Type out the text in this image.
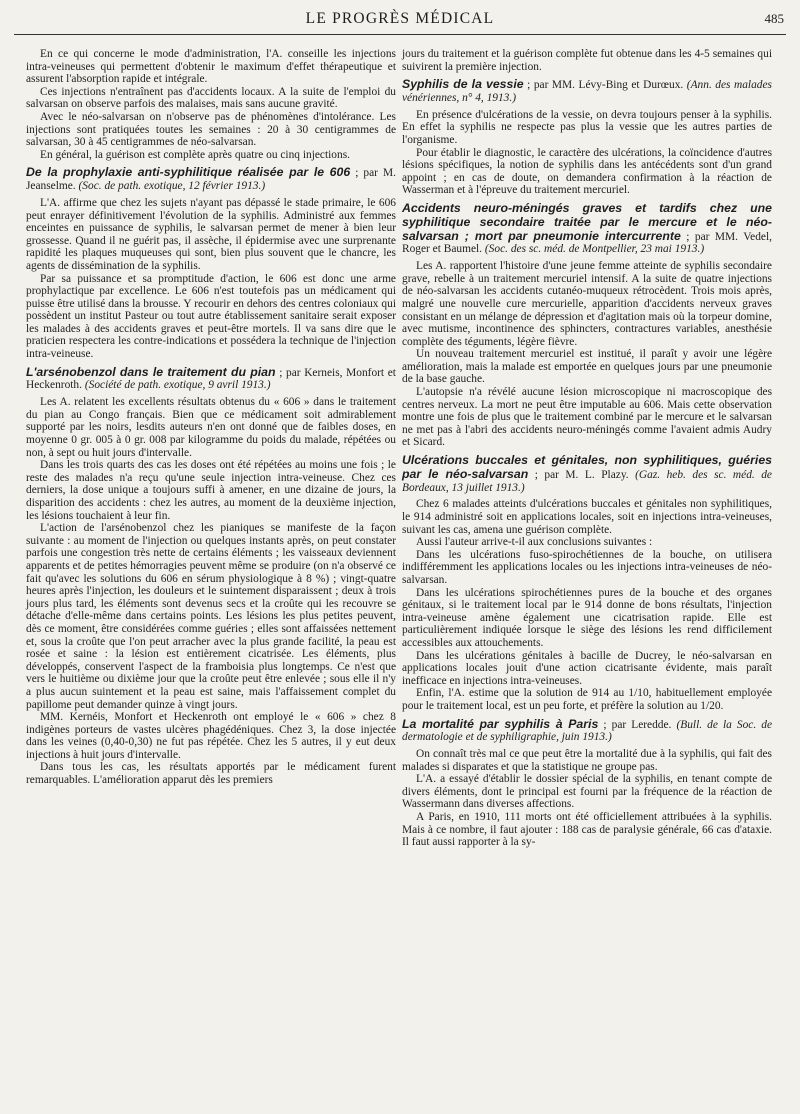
LE PROGRÈS MÉDICAL	485

En ce qui concerne le mode d'administration, l'A. conseille les injections intra-veineuses qui permettent d'obtenir le maximum d'effet thérapeutique et assurent l'absorption rapide et intégrale.

Ces injections n'entraînent pas d'accidents locaux. A la suite de l'emploi du salvarsan on observe parfois des malaises, mais sans aucune gravité.

Avec le néo-salvarsan on n'observe pas de phénomènes d'intolérance. Les injections sont pratiquées toutes les semaines : 20 à 30 centigrammes de salvarsan, 30 à 45 centigrammes de néo-salvarsan.

En général, la guérison est complète après quatre ou cinq injections.

De la prophylaxie anti-syphilitique réalisée par le 606 ; par M. Jeanselme. (Soc. de path. exotique, 12 février 1913.)

L'A. affirme que chez les sujets n'ayant pas dépassé le stade primaire, le 606 peut enrayer définitivement l'évolution de la syphilis. Administré aux femmes enceintes en puissance de syphilis, le salvarsan permet de mener à bien leur grossesse. Quand il ne guérit pas, il assèche, il épidermise avec une surprenante rapidité les plaques muqueuses qui sont, bien plus souvent que le chancre, les agents de dissémination de la syphilis.

Par sa puissance et sa promptitude d'action, le 606 est donc une arme prophylactique par excellence. Le 606 n'est toutefois pas un médicament qui puisse être utilisé dans la brousse. Y recourir en dehors des centres coloniaux qui possèdent un institut Pasteur ou tout autre établissement sanitaire serait exposer les malades à des accidents graves et peut-être mortels. Il va sans dire que le praticien respectera les contre-indications et possédera la technique de l'injection intra-veineuse.

L'arsénobenzol dans le traitement du pian ; par Kerneis, Monfort et Heckenroth. (Société de path. exotique, 9 avril 1913.)

Les A. relatent les excellents résultats obtenus du « 606 » dans le traitement du pian au Congo français. Bien que ce médicament soit admirablement supporté par les noirs, lesdits auteurs n'en ont donné que de faibles doses, en moyenne 0 gr. 005 à 0 gr. 008 par kilogramme du poids du malade, répétées ou non, à sept ou huit jours d'intervalle.

Dans les trois quarts des cas les doses ont été répétées au moins une fois ; le reste des malades n'a reçu qu'une seule injection intra-veineuse. Chez ces derniers, la dose unique a toujours suffi à amener, en une dizaine de jours, la disparition des accidents : chez les autres, au moment de la deuxième injection, les lésions touchaient à leur fin.

L'action de l'arsénobenzol chez les pianiques se manifeste de la façon suivante : au moment de l'injection ou quelques instants après, on peut constater parfois une congestion très nette de certains éléments ; les vaisseaux deviennent apparents et de petites hémorragies peuvent même se produire (on n'a observé ce fait qu'avec les solutions du 606 en sérum physiologique à 8 %) ; vingt-quatre heures après l'injection, les douleurs et le suintement disparaissent ; deux à trois jours plus tard, les éléments sont devenus secs et la croûte qui les recouvre se détache d'elle-même dans certains points. Les lésions les plus petites peuvent, dès ce moment, être considérées comme guéries ; elles sont affaissées nettement et, sous la croûte que l'on peut arracher avec la plus grande facilité, la peau est rosée et saine : la lésion est entièrement cicatrisée. Les éléments, plus développés, conservent l'aspect de la framboisia plus longtemps. Ce n'est que vers le huitième ou dixième jour que la croûte peut être enlevée ; sous elle il n'y a plus aucun suintement et la peau est saine, mais l'affaissement complet du papillome peut demander quinze à vingt jours.

MM. Kernéis, Monfort et Heckenroth ont employé le « 606 » chez 8 indigènes porteurs de vastes ulcères phagédéniques. Chez 3, la dose injectée dans les veines (0,40-0,30) ne fut pas répétée. Chez les 5 autres, il y eut deux injections à huit jours d'intervalle.

Dans tous les cas, les résultats apportés par le médicament furent remarquables. L'amélioration apparut dès les premiers

jours du traitement et la guérison complète fut obtenue dans les 4-5 semaines qui suivirent la première injection.

Syphilis de la vessie ; par MM. Lévy-Bing et Durœux. (Ann. des malades vénériennes, n° 4, 1913.)

En présence d'ulcérations de la vessie, on devra toujours penser à la syphilis. En effet la syphilis ne respecte pas plus la vessie que les autres parties de l'organisme.

Pour établir le diagnostic, le caractère des ulcérations, la coïncidence d'autres lésions spécifiques, la notion de syphilis dans les antécédents sont d'un grand appoint ; en cas de doute, on demandera confirmation à la réaction de Wasserman et à l'épreuve du traitement mercuriel.

Accidents neuro-méningés graves et tardifs chez une syphilitique secondaire traitée par le mercure et le néo-salvarsan ; mort par pneumonie intercurrente ; par MM. Vedel, Roger et Baumel. (Soc. des sc. méd. de Montpellier, 23 mai 1913.)

Les A. rapportent l'histoire d'une jeune femme atteinte de syphilis secondaire grave, rebelle à un traitement mercuriel intensif. A la suite de quatre injections de néo-salvarsan les accidents cutanéo-muqueux rétrocèdent. Trois mois après, malgré une nouvelle cure mercurielle, apparition d'accidents nerveux graves consistant en un mélange de dépression et d'agitation mais où la torpeur domine, avec mutisme, incontinence des sphincters, contractures variables, anesthésie complète des téguments, légère fièvre.

Un nouveau traitement mercuriel est institué, il paraît y avoir une légère amélioration, mais la malade est emportée en quelques jours par une pneumonie de la base gauche.

L'autopsie n'a révélé aucune lésion microscopique ni macroscopique des centres nerveux. La mort ne peut être imputable au 606. Mais cette observation montre une fois de plus que le traitement combiné par le mercure et le salvarsan ne met pas à l'abri des accidents neuro-méningés comme l'avaient admis Audry et Sicard.

Ulcérations buccales et génitales, non syphilitiques, guéries par le néo-salvarsan ; par M. L. Plazy. (Gaz. heb. des sc. méd. de Bordeaux, 13 juillet 1913.)

Chez 6 malades atteints d'ulcérations buccales et génitales non syphilitiques, le 914 administré soit en applications locales, soit en injections intra-veineuses, suivant les cas, amena une guérison complète.

Aussi l'auteur arrive-t-il aux conclusions suivantes :

Dans les ulcérations fuso-spirochétiennes de la bouche, on utilisera indifféremment les applications locales ou les injections intra-veineuses de néo-salvarsan.

Dans les ulcérations spirochétiennes pures de la bouche et des organes génitaux, si le traitement local par le 914 donne de bons résultats, l'injection intra-veineuse amène également une cicatrisation rapide. Elle est particulièrement indiquée lorsque le siège des lésions les rend difficilement accessibles aux attouchements.

Dans les ulcérations génitales à bacille de Ducrey, le néo-salvarsan en applications locales jouit d'une action cicatrisante évidente, mais paraît inefficace en injections intra-veineuses.

Enfin, l'A. estime que la solution de 914 au 1/10, habituellement employée pour le traitement local, est un peu forte, et préfère la solution au 1/20.

La mortalité par syphilis à Paris ; par Leredde. (Bull. de la Soc. de dermatologie et de syphiligraphie, juin 1913.)

On connaît très mal ce que peut être la mortalité due à la syphilis, qui fait des malades si disparates et que la statistique ne groupe pas.

L'A. a essayé d'établir le dossier spécial de la syphilis, en tenant compte de divers éléments, dont le principal est fourni par la fréquence de la réaction de Wassermann dans diverses affections.

A Paris, en 1910, 111 morts ont été officiellement attribuées à la syphilis. Mais à ce nombre, il faut ajouter : 188 cas de paralysie générale, 66 cas d'ataxie. Il faut aussi rapporter à la sy-
